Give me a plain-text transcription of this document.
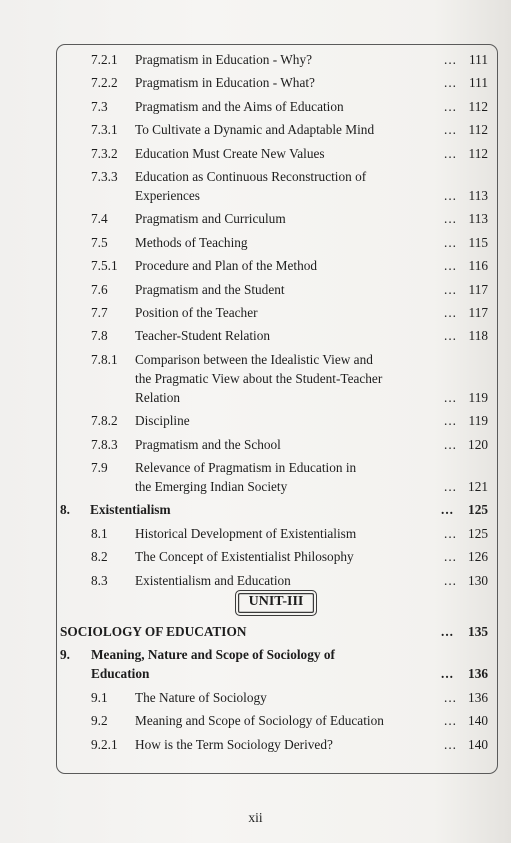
7.2.1 Pragmatism in Education - Why?	... 111
7.2.2 Pragmatism in Education - What?	... 111
7.3 Pragmatism and the Aims of Education	... 112
7.3.1 To Cultivate a Dynamic and Adaptable Mind	... 112
7.3.2 Education Must Create New Values	... 112
7.3.3 Education as Continuous Reconstruction of
Experiences	... 113
7.4 Pragmatism and Curriculum	... 113
7.5 Methods of Teaching	... 115
7.5.1 Procedure and Plan of the Method	... 116
7.6 Pragmatism and the Student	... 117
7.7 Position of the Teacher	... 117
7.8 Teacher-Student Relation	... 118
7.8.1 Comparison between the Idealistic View and
the Pragmatic View about the Student-Teacher
Relation	... 119
7.8.2 Discipline	... 119
7.8.3 Pragmatism and the School	... 120
7.9 Relevance of Pragmatism in Education in
the Emerging Indian Society	... 121
8. Existentialism	...	125
8.1 Historical Development of Existentialism	... 125
8.2 The Concept of Existentialist Philosophy	... 126
8.3 Existentialism and Education	... 130
SOCIOLOGY OF EDUCATION	...	135
9. Meaning, Nature and Scope of Sociology of
Education	...	136
9.1 The Nature of Sociology	... 136
9.2 Meaning and Scope of Sociology of Education	... 140
9.2.1 How is the Term Sociology Derived?	... 140
UNIT-III
xii
